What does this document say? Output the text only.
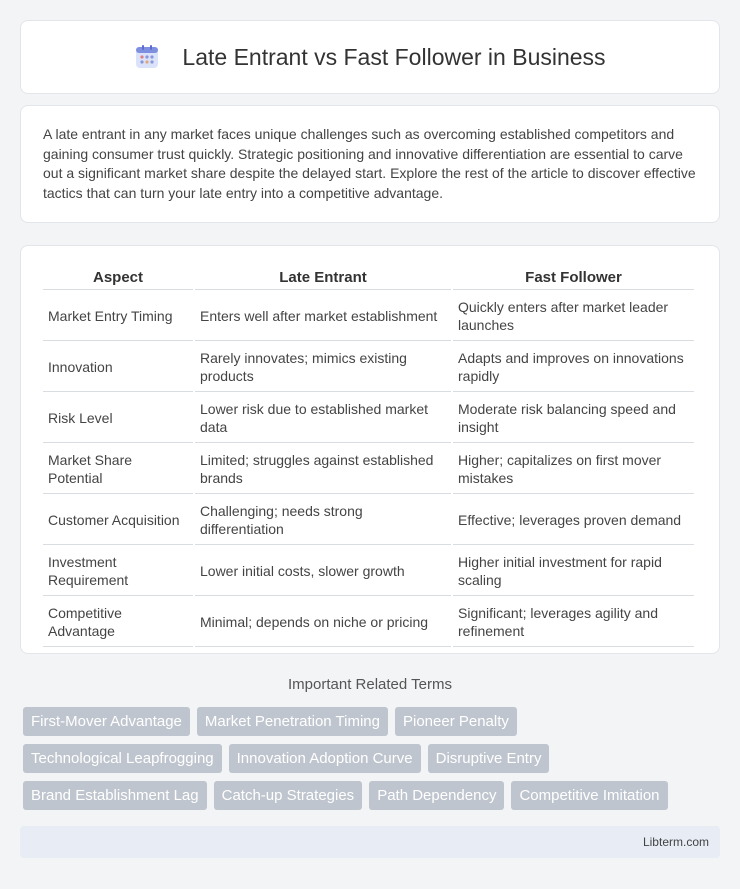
Late Entrant vs Fast Follower in Business

A late entrant in any market faces unique challenges such as overcoming established competitors and gaining consumer trust quickly. Strategic positioning and innovative differentiation are essential to carve out a significant market share despite the delayed start. Explore the rest of the article to discover effective tactics that can turn your late entry into a competitive advantage.

Aspect	Late Entrant	Fast Follower
Market Entry Timing	Enters well after market establishment	Quickly enters after market leader launches
Innovation	Rarely innovates; mimics existing products	Adapts and improves on innovations rapidly
Risk Level	Lower risk due to established market data	Moderate risk balancing speed and insight
Market Share Potential	Limited; struggles against established brands	Higher; capitalizes on first mover mistakes
Customer Acquisition	Challenging; needs strong differentiation	Effective; leverages proven demand
Investment Requirement	Lower initial costs, slower growth	Higher initial investment for rapid scaling
Competitive Advantage	Minimal; depends on niche or pricing	Significant; leverages agility and refinement
Important Related Terms
First-Mover Advantage	Market Penetration Timing	Pioneer Penalty
Technological Leapfrogging	Innovation Adoption Curve	Disruptive Entry
Brand Establishment Lag	Catch-up Strategies	Path Dependency	Competitive Imitation
Libterm.com
